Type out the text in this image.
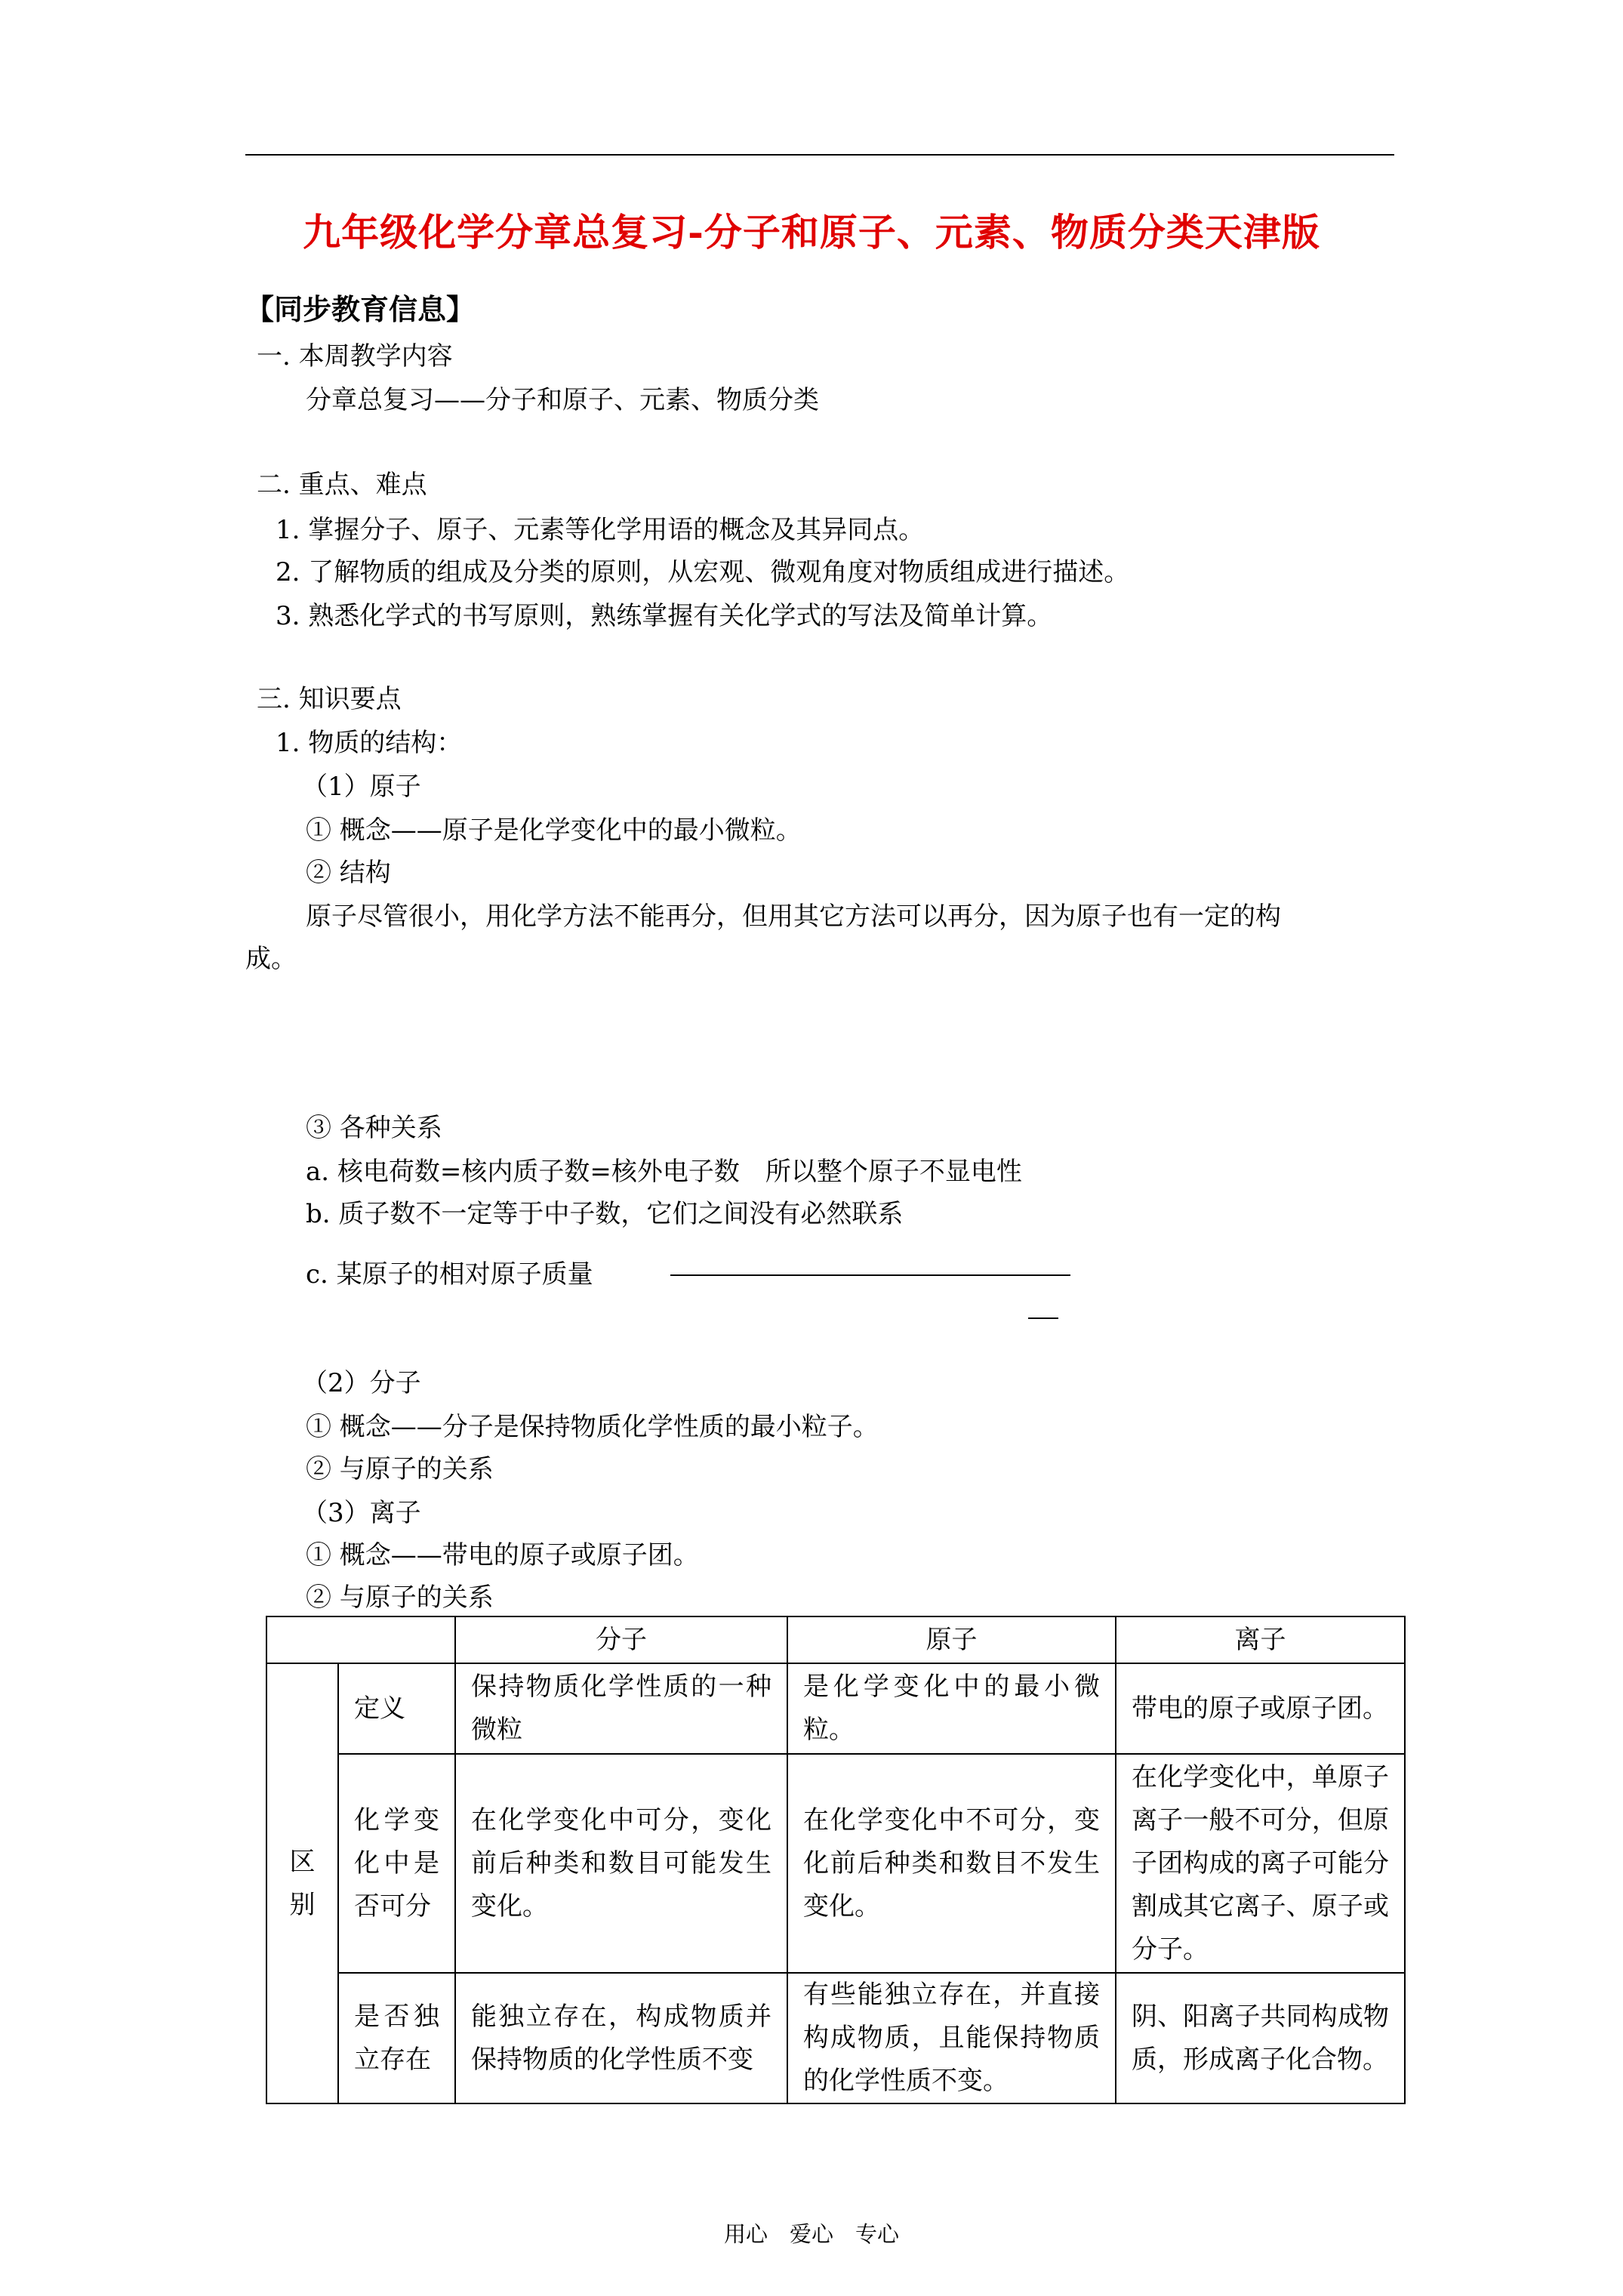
九年级化学分章总复习-分子和原子、元素、物质分类天津版
【同步教育信息】
一. 本周教学内容
分章总复习——分子和原子、元素、物质分类
二. 重点、难点
1. 掌握分子、原子、元素等化学用语的概念及其异同点。
2. 了解物质的组成及分类的原则，从宏观、微观角度对物质组成进行描述。
3. 熟悉化学式的书写原则，熟练掌握有关化学式的写法及简单计算。
三. 知识要点
1. 物质的结构：
（1）原子
① 概念——原子是化学变化中的最小微粒。
② 结构
原子尽管很小，用化学方法不能再分，但用其它方法可以再分，因为原子也有一定的构
成。
③ 各种关系
a. 核电荷数=核内质子数=核外电子数　所以整个原子不显电性
b. 质子数不一定等于中子数，它们之间没有必然联系
c. 某原子的相对原子质量
（2）分子
① 概念——分子是保持物质化学性质的最小粒子。
② 与原子的关系
（3）离子
① 概念——带电的原子或原子团。
② 与原子的关系
		分子	原子	离子
区
别	定义	保持物质化学性质的一种微粒	是化学变化中的最小微粒。	带电的原子或原子团。
	化学变化中是否可分	在化学变化中可分，变化前后种类和数目可能发生变化。	在化学变化中不可分，变化前后种类和数目不发生变化。	在化学变化中，单原子离子一般不可分，但原子团构成的离子可能分割成其它离子、原子或分子。
	是否独立存在	能独立存在，构成物质并保持物质的化学性质不变	有些能独立存在，并直接构成物质，且能保持物质的化学性质不变。	阴、阳离子共同构成物质，形成离子化合物。
用心　爱心　专心
